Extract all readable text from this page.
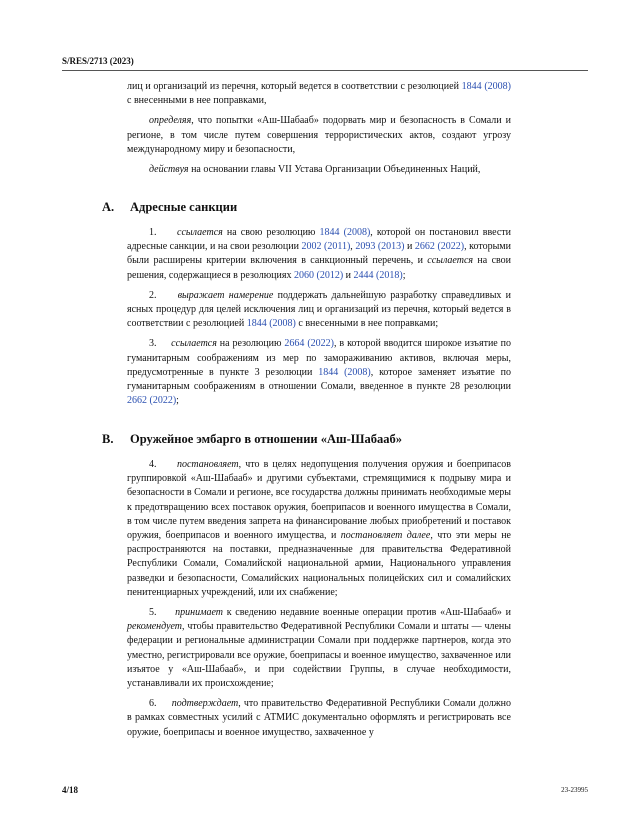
S/RES/2713 (2023)

лиц и организаций из перечня, который ведется в соответствии с резолюцией 1844 (2008) с внесенными в нее поправками,

определяя, что попытки «Аш-Шабааб» подорвать мир и безопасность в Сомали и регионе, в том числе путем совершения террористических актов, создают угрозу международному миру и безопасности,

действуя на основании главы VII Устава Организации Объединенных Наций,

A. Адресные санкции

1. ссылается на свою резолюцию 1844 (2008), которой он постановил ввести адресные санкции, и на свои резолюции 2002 (2011), 2093 (2013) и 2662 (2022), которыми были расширены критерии включения в санкционный перечень, и ссылается на свои решения, содержащиеся в резолюциях 2060 (2012) и 2444 (2018);

2. выражает намерение поддержать дальнейшую разработку справедливых и ясных процедур для целей исключения лиц и организаций из перечня, который ведется в соответствии с резолюцией 1844 (2008) с внесенными в нее поправками;

3. ссылается на резолюцию 2664 (2022), в которой вводится широкое изъятие по гуманитарным соображениям из мер по замораживанию активов, включая меры, предусмотренные в пункте 3 резолюции 1844 (2008), которое заменяет изъятие по гуманитарным соображениям в отношении Сомали, введенное в пункте 28 резолюции 2662 (2022);

B. Оружейное эмбарго в отношении «Аш-Шабааб»

4. постановляет, что в целях недопущения получения оружия и боеприпасов группировкой «Аш-Шабааб» и другими субъектами, стремящимися к подрыву мира и безопасности в Сомали и регионе, все государства должны принимать необходимые меры к предотвращению всех поставок оружия, боеприпасов и военного имущества в Сомали, в том числе путем введения запрета на финансирование любых приобретений и поставок оружия, боеприпасов и военного имущества, и постановляет далее, что эти меры не распространяются на поставки, предназначенные для правительства Федеративной Республики Сомали, Сомалийской национальной армии, Национального управления разведки и безопасности, Сомалийских национальных полицейских сил и сомалийских пенитенциарных учреждений, или их снабжение;

5. принимает к сведению недавние военные операции против «Аш-Шабааб» и рекомендует, чтобы правительство Федеративной Республики Сомали и штаты — члены федерации и региональные администрации Сомали при поддержке партнеров, когда это уместно, регистрировали все оружие, боеприпасы и военное имущество, захваченное или изъятое у «Аш-Шабааб», и при содействии Группы, в случае необходимости, устанавливали их происхождение;

6. подтверждает, что правительство Федеративной Республики Сомали должно в рамках совместных усилий с АТМИС документально оформлять и регистрировать все оружие, боеприпасы и военное имущество, захваченное у

4/18	23-23995
